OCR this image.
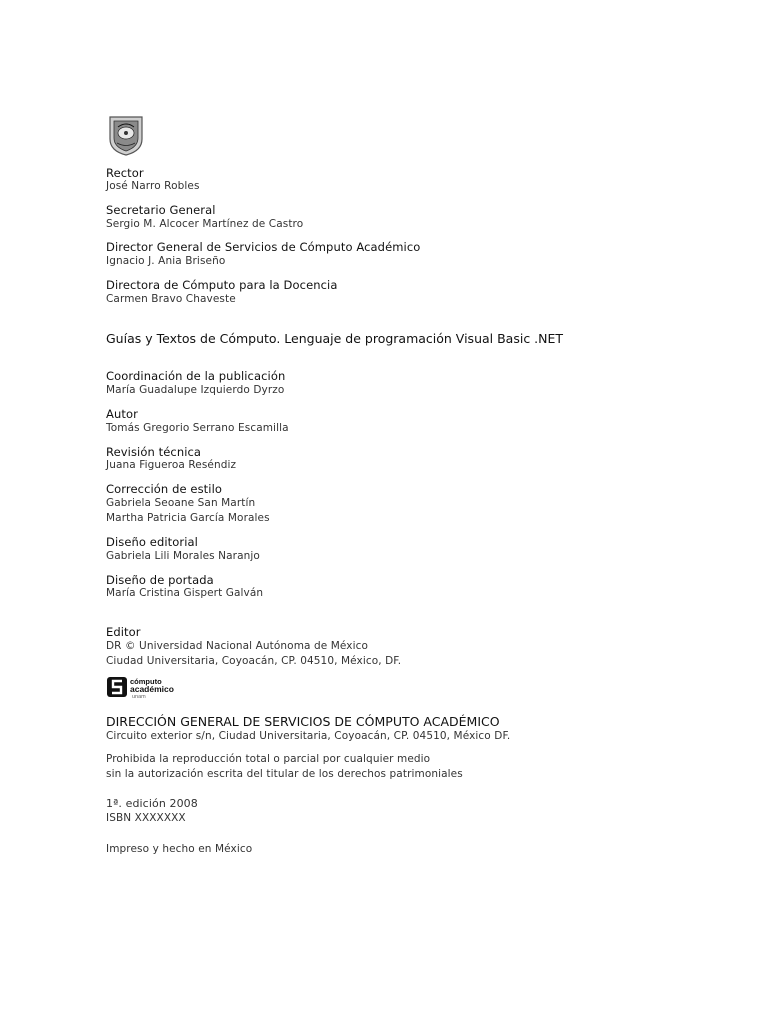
Rector
José Narro Robles
Secretario General
Sergio M. Alcocer Martínez de Castro
Director General de Servicios de Cómputo Académico
Ignacio J. Ania Briseño
Directora de Cómputo para la Docencia
Carmen Bravo Chaveste
Guías y Textos de Cómputo. Lenguaje de programación Visual Basic .NET
Coordinación de la publicación
María Guadalupe Izquierdo Dyrzo
Autor
Tomás Gregorio Serrano Escamilla
Revisión técnica
Juana Figueroa Reséndiz
Corrección de estilo
Gabriela Seoane San Martín
Martha Patricia García Morales
Diseño editorial
Gabriela Lili Morales Naranjo
Diseño de portada
María Cristina Gispert Galván
Editor
DR © Universidad Nacional Autónoma de México
Ciudad Universitaria, Coyoacán, CP. 04510, México, DF.
cómputo
académico
unam
DIRECCIÓN GENERAL DE SERVICIOS DE CÓMPUTO ACADÉMICO
Circuito exterior s/n, Ciudad Universitaria, Coyoacán, CP. 04510, México DF.
Prohibida la reproducción total o parcial por cualquier medio
sin la autorización escrita del titular de los derechos patrimoniales
1ª. edición 2008
ISBN XXXXXXX
Impreso y hecho en México
